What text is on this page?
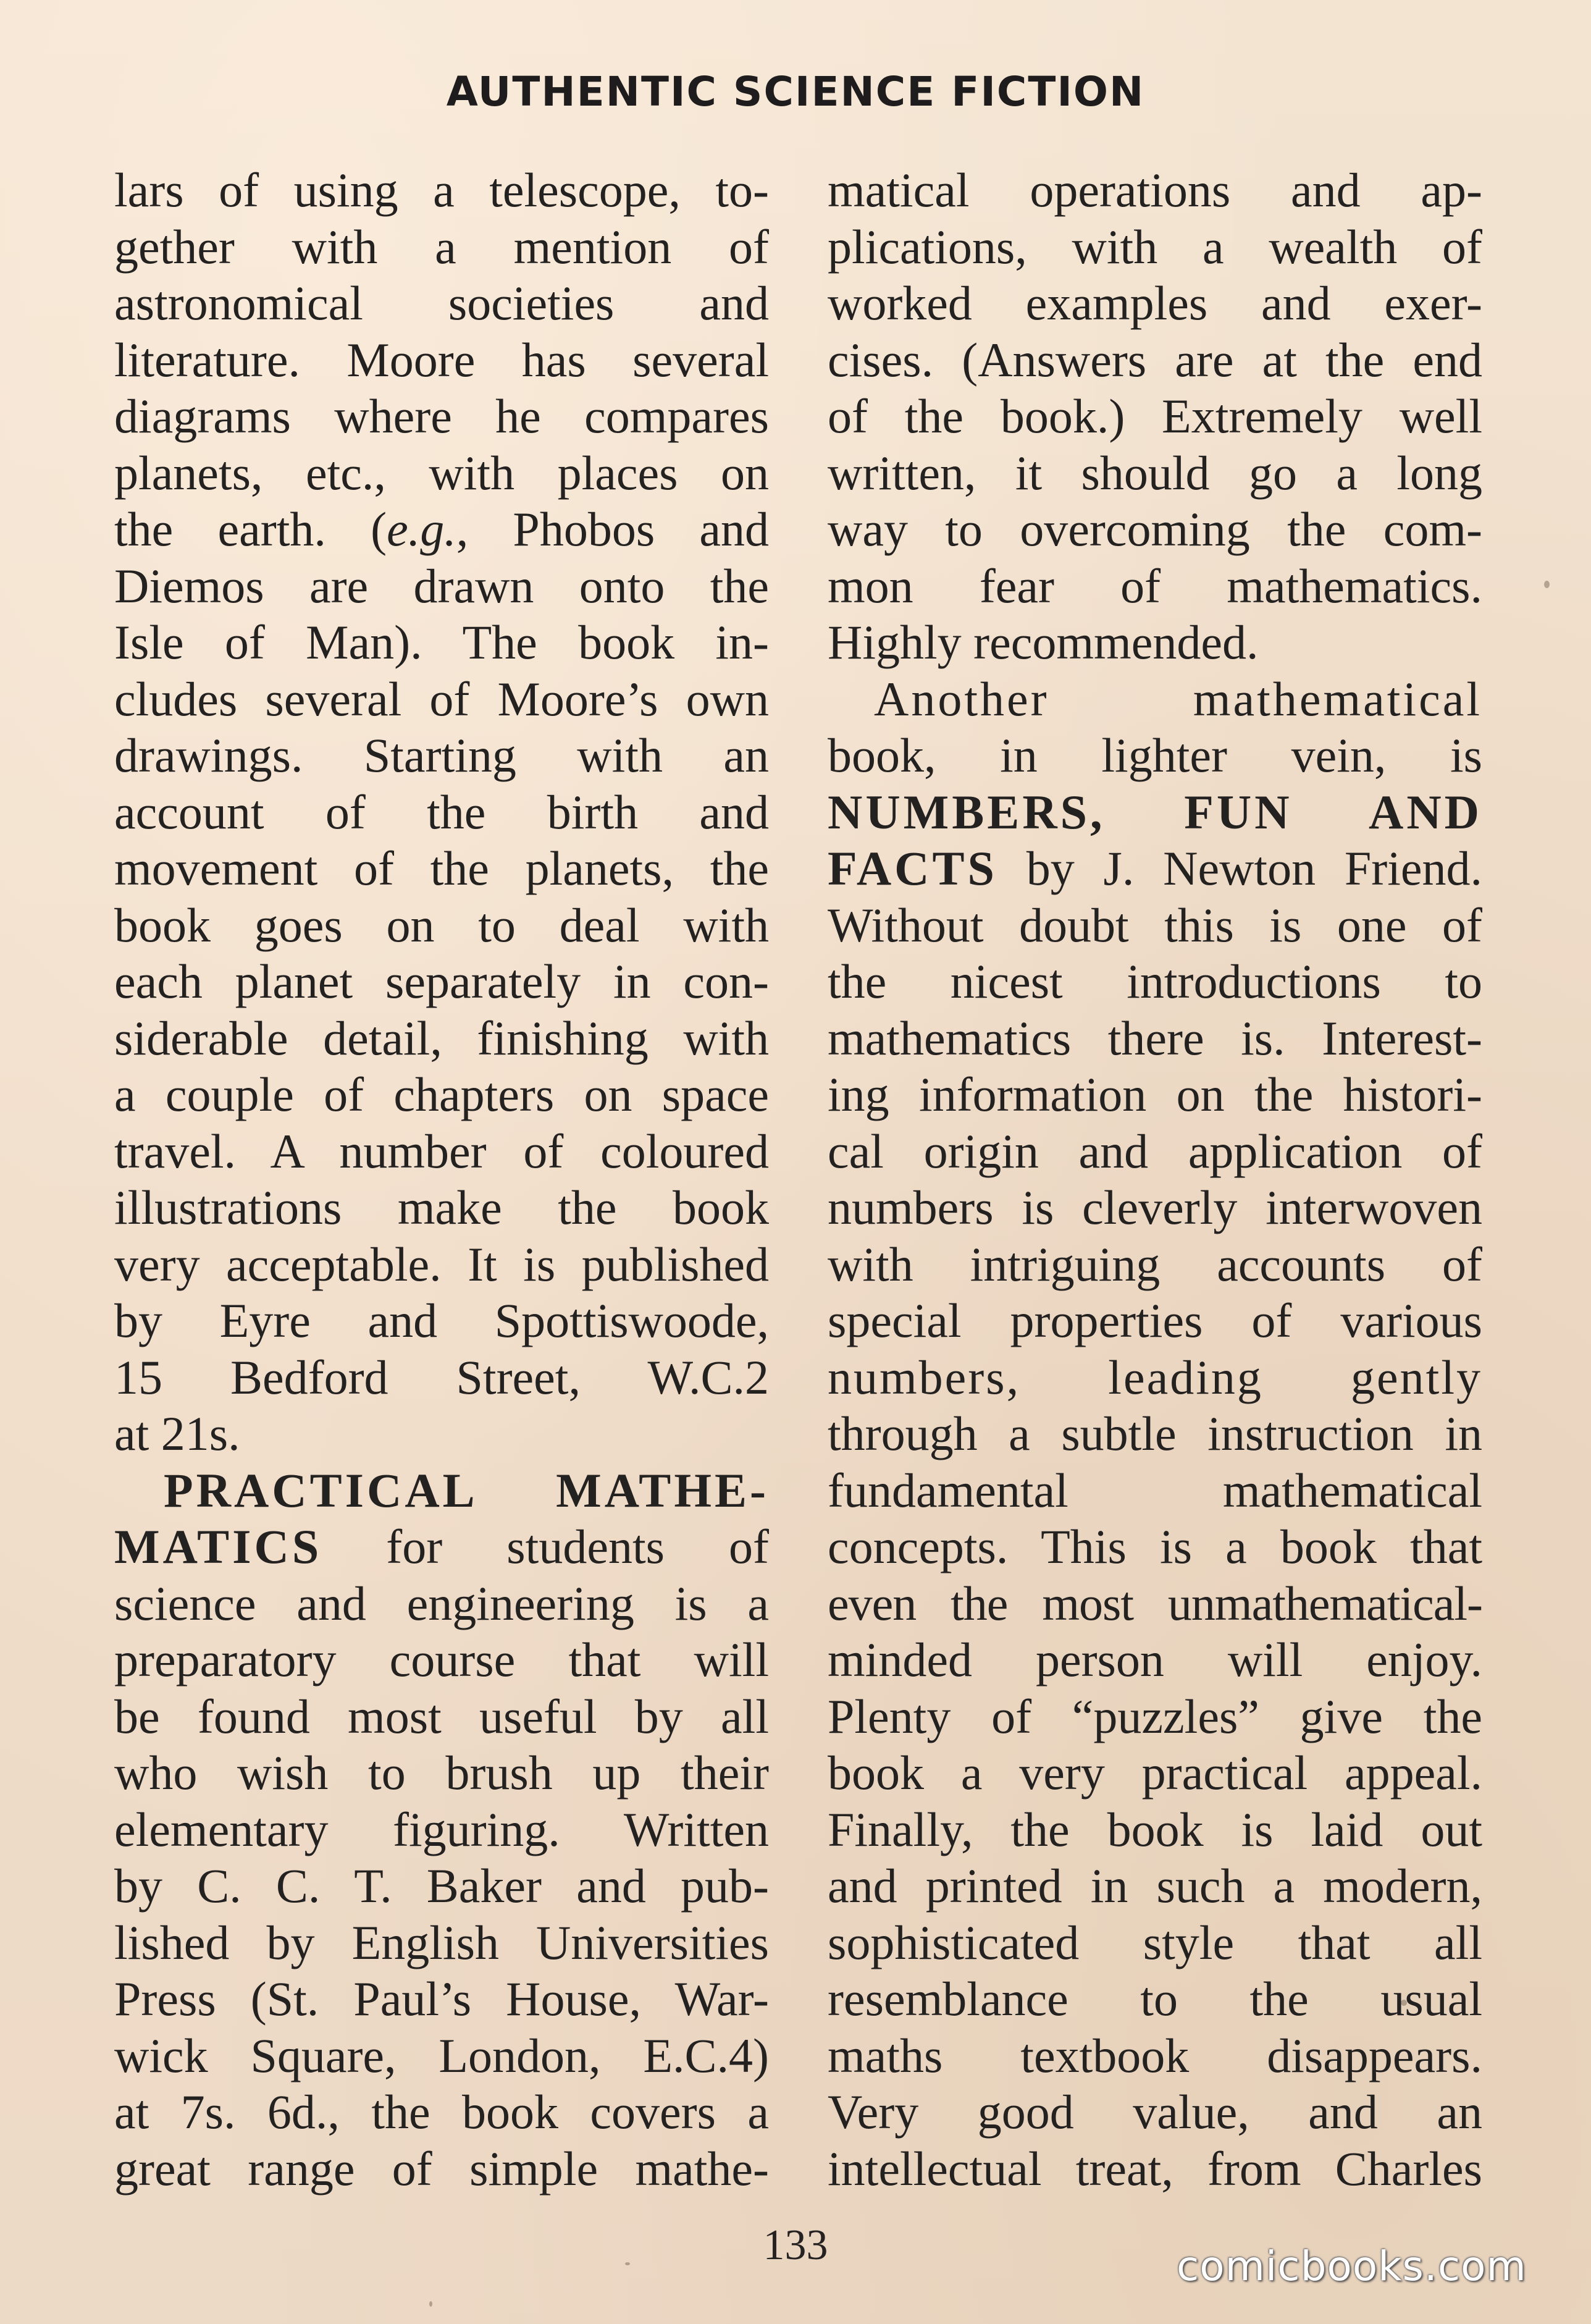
AUTHENTIC SCIENCE FICTION
lars of using a telescope, to-
gether with a mention of
astronomical societies and
literature. Moore has several
diagrams where he compares
planets, etc., with places on
the earth. (e.g., Phobos and
Diemos are drawn onto the
Isle of Man). The book in-
cludes several of Moore’s own
drawings. Starting with an
account of the birth and
movement of the planets, the
book goes on to deal with
each planet separately in con-
siderable detail, finishing with
a couple of chapters on space
travel. A number of coloured
illustrations make the book
very acceptable. It is published
by Eyre and Spottiswoode,
15 Bedford Street, W.C.2
at 21s.
PRACTICAL MATHE-
MATICS for students of
science and engineering is a
preparatory course that will
be found most useful by all
who wish to brush up their
elementary figuring. Written
by C. C. T. Baker and pub-
lished by English Universities
Press (St. Paul’s House, War-
wick Square, London, E.C.4)
at 7s. 6d., the book covers a
great range of simple mathe-
matical operations and ap-
plications, with a wealth of
worked examples and exer-
cises. (Answers are at the end
of the book.) Extremely well
written, it should go a long
way to overcoming the com-
mon fear of mathematics.
Highly recommended.
Another mathematical
book, in lighter vein, is
NUMBERS, FUN AND
FACTS by J. Newton Friend.
Without doubt this is one of
the nicest introductions to
mathematics there is. Interest-
ing information on the histori-
cal origin and application of
numbers is cleverly interwoven
with intriguing accounts of
special properties of various
numbers, leading gently
through a subtle instruction in
fundamental mathematical
concepts. This is a book that
even the most unmathematical-
minded person will enjoy.
Plenty of “puzzles” give the
book a very practical appeal.
Finally, the book is laid out
and printed in such a modern,
sophisticated style that all
resemblance to the usual
maths textbook disappears.
Very good value, and an
intellectual treat, from Charles
133	comicbooks.com
